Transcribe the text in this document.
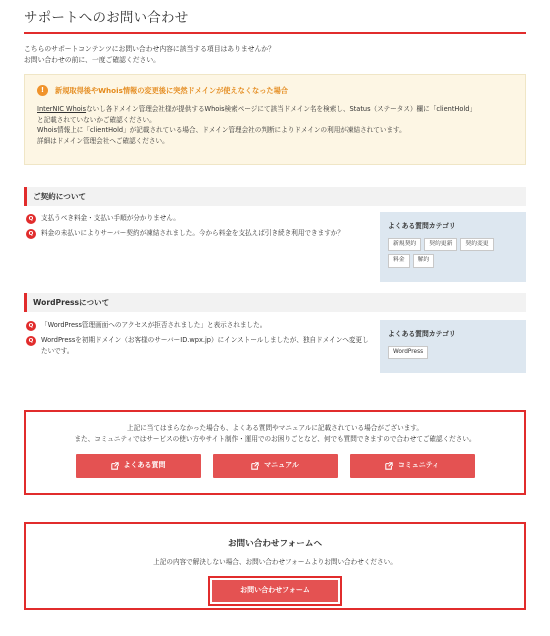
サポートへのお問い合わせ
こちらのサポートコンテンツにお問い合わせ内容に該当する項目はありませんか？
お問い合わせの前に、一度ご確認ください。
!	新規取得後やWhois情報の変更後に突然ドメインが使えなくなった場合
InterNIC Whoisないし各ドメイン管理会社様が提供するWhois検索ページにて該当ドメイン名を検索し、Status（ステータス）欄に「clientHold」
と記載されていないかご確認ください。
Whois情報上に「clientHold」が記載されている場合、ドメイン管理会社の判断によりドメインの利用が凍結されています。
詳細はドメイン管理会社へご確認ください。
ご契約について
Q	支払うべき料金・支払い手順が分かりません。
Q	料金の未払いによりサーバー契約が凍結されました。今から料金を支払えば引き続き利用できますか？
よくある質問カテゴリ
新規契約	契約更新	契約変更
料金	解約
WordPressについて
Q	「WordPress管理画面へのアクセスが拒否されました」と表示されました。
Q	WordPressを初期ドメイン（お客様のサーバーID.wpx.jp）にインストールしましたが、独自ドメインへ変更したいです。
よくある質問カテゴリ
WordPress
上記に当てはまらなかった場合も、よくある質問やマニュアルに記載されている場合がございます。
また、コミュニティではサービスの使い方やサイト制作・運用でのお困りごとなど、何でも質問できますので合わせてご確認ください。
よくある質問	マニュアル	コミュニティ
お問い合わせフォームへ
上記の内容で解決しない場合、お問い合わせフォームよりお問い合わせください。
お問い合わせフォーム
